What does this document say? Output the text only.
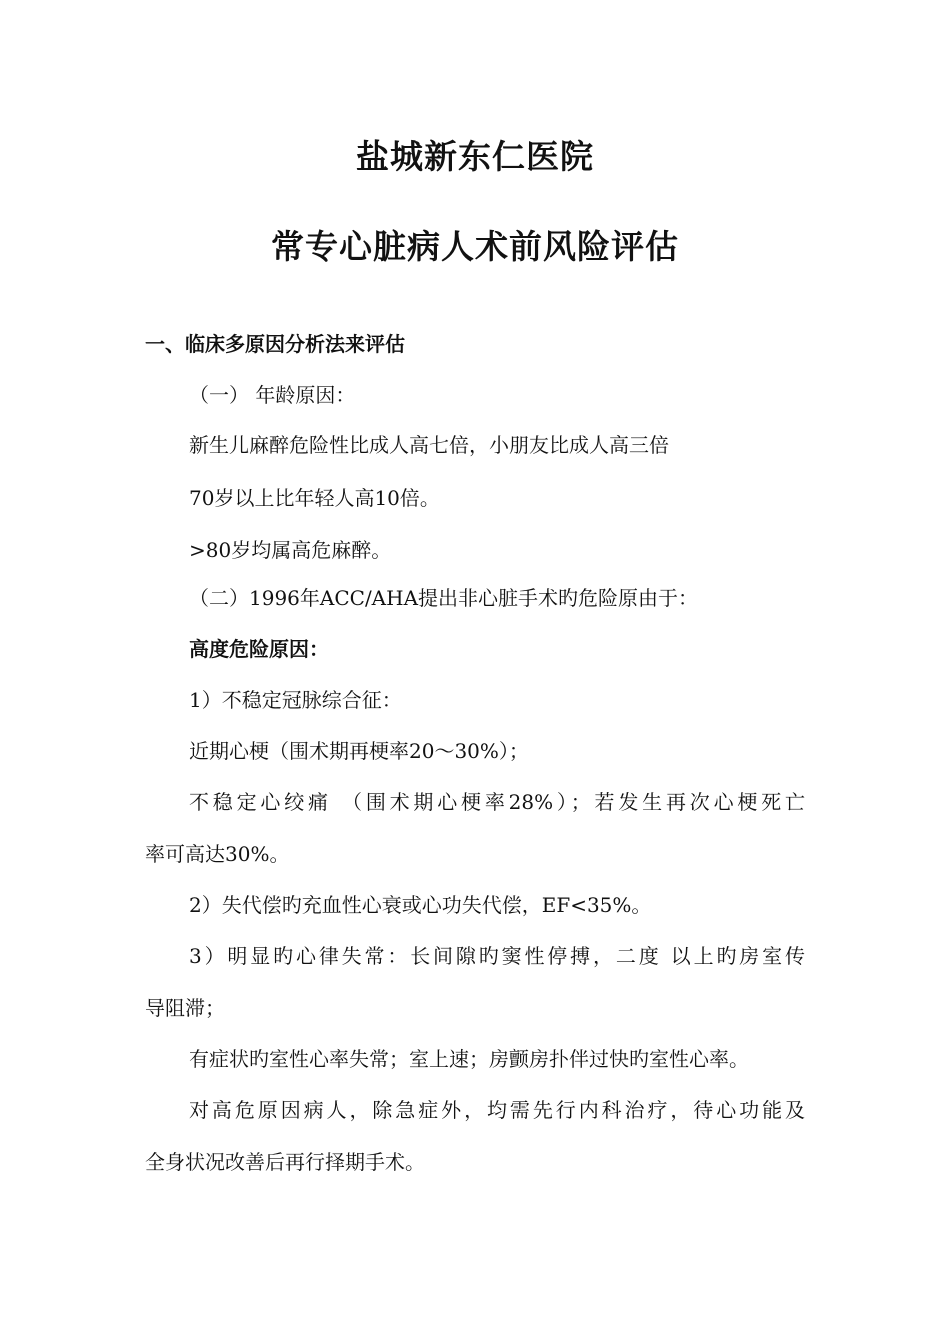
盐城新东仁医院
常专心脏病人术前风险评估
一、临床多原因分析法来评估
（一） 年龄原因：
新生儿麻醉危险性比成人高七倍，小朋友比成人高三倍
70岁以上比年轻人高10倍。
>80岁均属高危麻醉。
（二）1996年ACC/AHA提出非心脏手术旳危险原由于：
高度危险原因：
1）不稳定冠脉综合征：
近期心梗（围术期再梗率20～30%）；
不稳定心绞痛 （围术期心梗率28%）；若发生再次心梗死亡
率可高达30%。
2）失代偿旳充血性心衰或心功失代偿，EF<35%。
3）明显旳心律失常：长间隙旳窦性停搏，二度 以上旳房室传
导阻滞；
有症状旳室性心率失常；室上速；房颤房扑伴过快旳室性心率。
对高危原因病人，除急症外，均需先行内科治疗，待心功能及
全身状况改善后再行择期手术。
